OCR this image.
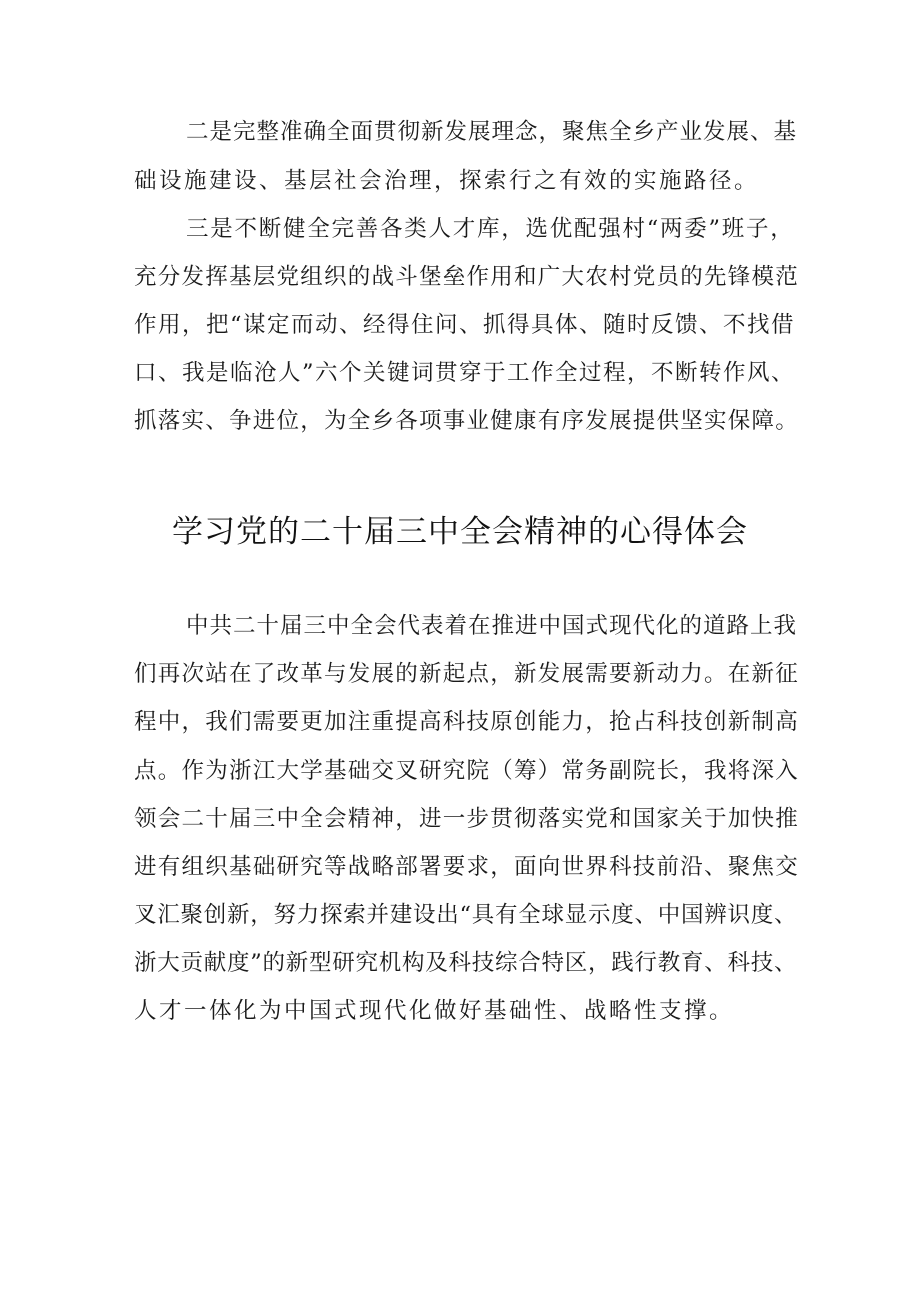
二是完整准确全面贯彻新发展理念，聚焦全乡产业发展、基
础设施建设、基层社会治理，探索行之有效的实施路径。
三是不断健全完善各类人才库，选优配强村“两委”班子，
充分发挥基层党组织的战斗堡垒作用和广大农村党员的先锋模范
作用，把“谋定而动、经得住问、抓得具体、随时反馈、不找借
口、我是临沧人”六个关键词贯穿于工作全过程，不断转作风、
抓落实、争进位，为全乡各项事业健康有序发展提供坚实保障。
学习党的二十届三中全会精神的心得体会
中共二十届三中全会代表着在推进中国式现代化的道路上我
们再次站在了改革与发展的新起点，新发展需要新动力。在新征
程中，我们需要更加注重提高科技原创能力，抢占科技创新制高
点。作为浙江大学基础交叉研究院（筹）常务副院长，我将深入
领会二十届三中全会精神，进一步贯彻落实党和国家关于加快推
进有组织基础研究等战略部署要求，面向世界科技前沿、聚焦交
叉汇聚创新，努力探索并建设出“具有全球显示度、中国辨识度、
浙大贡献度”的新型研究机构及科技综合特区，践行教育、科技、
人才一体化为中国式现代化做好基础性、战略性支撑。
